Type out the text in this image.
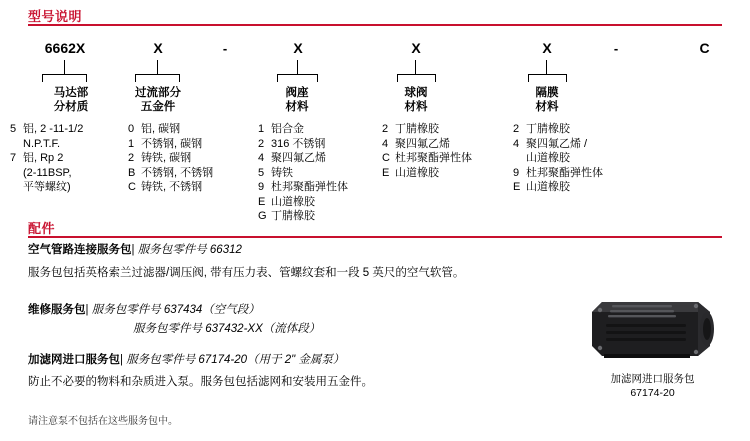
型号说明
6662X	X	-	X	X	X	-	C
马达部
分材质
过流部分
五金件
阀座
材料
球阀
材料
隔膜
材料
5 铝, 2 -11-1/2
N.P.T.F.
7 铝, Rp 2
(2-11BSP,
平等螺纹)
0 铝, 碳钢
1 不锈钢, 碳钢
2 铸铁, 碳钢
B 不锈钢, 不锈钢
C 铸铁, 不锈钢
1 铝合金
2 316 不锈钢
4 聚四氟乙烯
5 铸铁
9 杜邦聚酯弹性体
E 山道橡胶
G 丁腈橡胶
2 丁腈橡胶
4 聚四氟乙烯
C 杜邦聚酯弹性体
E 山道橡胶
2 丁腈橡胶
4 聚四氟乙烯 /
山道橡胶
9 杜邦聚酯弹性体
E 山道橡胶
配件
空气管路连接服务包| 服务包零件号 66312
服务包包括英格索兰过滤器/调压阀, 带有压力表、管螺纹套和一段 5 英尺的空气软管。
维修服务包| 服务包零件号 637434（空气段）
服务包零件号 637432-XX（流体段）
加滤网进口服务包| 服务包零件号 67174-20（用于 2" 金属泵）
防止不必要的物料和杂质进入泵。服务包包括滤网和安装用五金件。
请注意泵不包括在这些服务包中。
加滤网进口服务包
67174-20
